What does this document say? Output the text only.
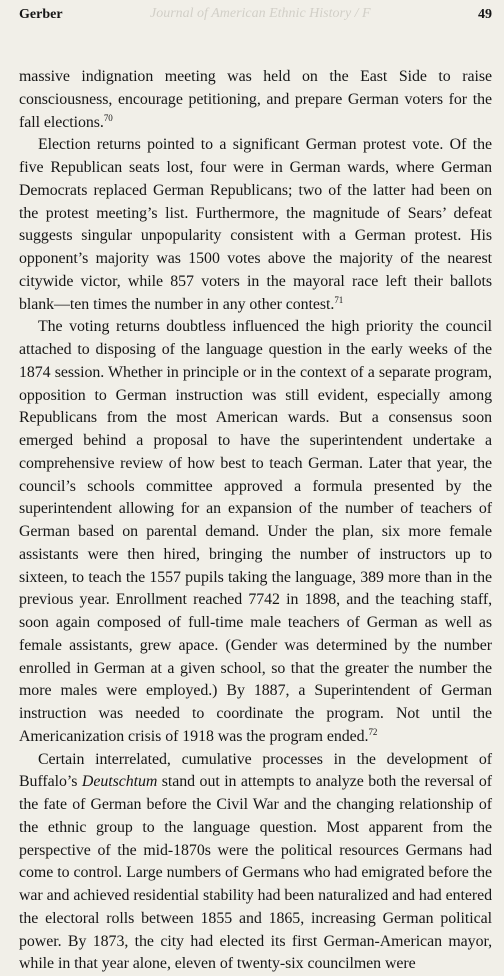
Journal of American Ethnic History / F
Gerber	49

massive indignation meeting was held on the East Side to raise consciousness, encourage petitioning, and prepare German voters for the fall elections.$^{70}$

Election returns pointed to a significant German protest vote. Of the five Republican seats lost, four were in German wards, where German Democrats replaced German Republicans; two of the latter had been on the protest meeting’s list. Furthermore, the magnitude of Sears’ defeat suggests singular unpopularity consistent with a German protest. His opponent’s majority was 1500 votes above the majority of the nearest citywide victor, while 857 voters in the mayoral race left their ballots blank—ten times the number in any other contest.$^{71}$

The voting returns doubtless influenced the high priority the council attached to disposing of the language question in the early weeks of the 1874 session. Whether in principle or in the context of a separate program, opposition to German instruction was still evident, especially among Republicans from the most American wards. But a consensus soon emerged behind a proposal to have the superintendent undertake a comprehensive review of how best to teach German. Later that year, the council’s schools committee approved a formula presented by the superintendent allowing for an expansion of the number of teachers of German based on parental demand. Under the plan, six more female assistants were then hired, bringing the number of instructors up to sixteen, to teach the 1557 pupils taking the language, 389 more than in the previous year. Enrollment reached 7742 in 1898, and the teaching staff, soon again composed of full-time male teachers of German as well as female assistants, grew apace. (Gender was determined by the number enrolled in German at a given school, so that the greater the number the more males were employed.) By 1887, a Superintendent of German instruction was needed to coordinate the program. Not until the Americanization crisis of 1918 was the program ended.$^{72}$

Certain interrelated, cumulative processes in the development of Buffalo’s Deutschtum stand out in attempts to analyze both the reversal of the fate of German before the Civil War and the changing relationship of the ethnic group to the language question. Most apparent from the perspective of the mid-1870s were the political resources Germans had come to control. Large numbers of Germans who had emigrated before the war and achieved residential stability had been naturalized and had entered the electoral rolls between 1855 and 1865, increasing German political power. By 1873, the city had elected its first German-American mayor, while in that year alone, eleven of twenty-six councilmen were
